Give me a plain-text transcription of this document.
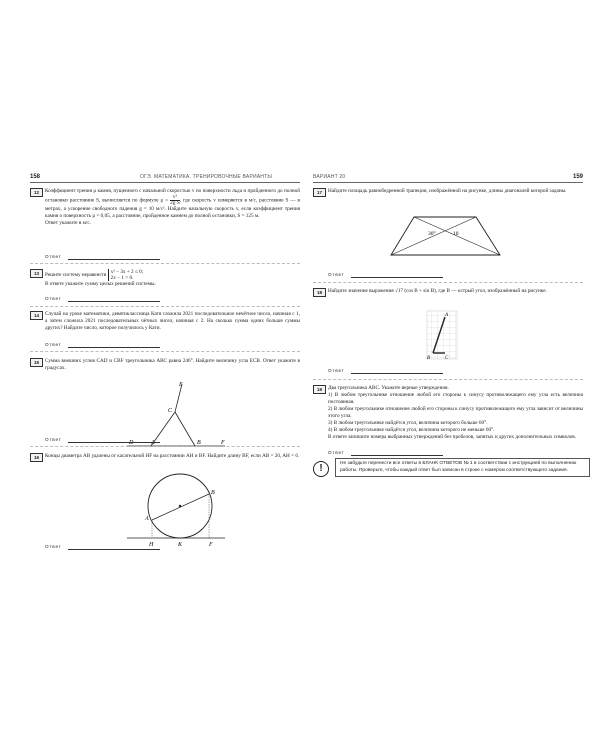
158	ОГЭ. МАТЕМАТИКА. ТРЕНИРОВОЧНЫЕ ВАРИАНТЫ
12	Коэффициент трения μ камня, пущенного с начальной скоростью v по поверхности льда и пройденного до полной остановки расстояние S, вычисляется по формуле $\mu = \frac{\text{v²}}{2g\cdot S}$ , где скорость v измеряется в м/с, расстояние S — в метрах, а ускорение свободного падения g = 10 м/с². Найдите начальную скорость v, если коэффициент трения камня о поверхность μ = 0,05, а расстояние, пройденное камнем до полной остановки, S = 125 м.
Ответ укажите в м/с.
Ответ
13	Решите систему неравенств x² − 3x + 2 ≤ 0;
2x − 1 > 0.
В ответе укажите сумму целых решений системы.
Ответ
14	Случай на уроке математики, девятиклассница Катя сложила 2021 последовательное нечётное число, начиная с 1, а затем сложила 2021 последовательных чётных чисел, начиная с 2. На сколько сумма одних больше суммы других? Найдите число, которое получилось у Кати.
Ответ
15	Сумма внешних углов CAD и CBF треугольника ABC равна 246°. Найдите величину угла ECB. Ответ укажите в градусах.
E
C
D	A	B	F
Ответ
16	Концы диаметра AB удалены от касательной HF на расстоянии AH и BF. Найдите длину BF, если AB = 20, AH = 6.
A
B
H	K	F
Ответ
ВАРИАНТ 20	159
17	Найдите площадь равнобедренной трапеции, изображённой на рисунке, длины диагоналей которой заданы.
30°	10
Ответ
18	Найдите значение выражения √17 (cos B + sin B), где B — острый угол, изображённый на рисунке.
A
B	C
Ответ
19	Два треугольника ABC. Укажите верные утверждения.
1) В любом треугольнике отношение любой его стороны к синусу противолежащего ему угла есть величина постоянная.
2) В любом треугольнике отношение любой его стороны к синусу противолежащего ему угла зависит от величины этого угла.
3) В любом треугольнике найдётся угол, величина которого больше 60°.
4) В любом треугольнике найдётся угол, величина которого не меньше 60°.
В ответе запишите номера выбранных утверждений без пробелов, запятых и других дополнительных символов.
Ответ
!	Не забудьте перенести все ответы в БЛАНК ОТВЕТОВ № 1 в соответствии с инструкцией по выполнению работы. Проверьте, чтобы каждый ответ был записан в строке с номером соответствующего задания.
